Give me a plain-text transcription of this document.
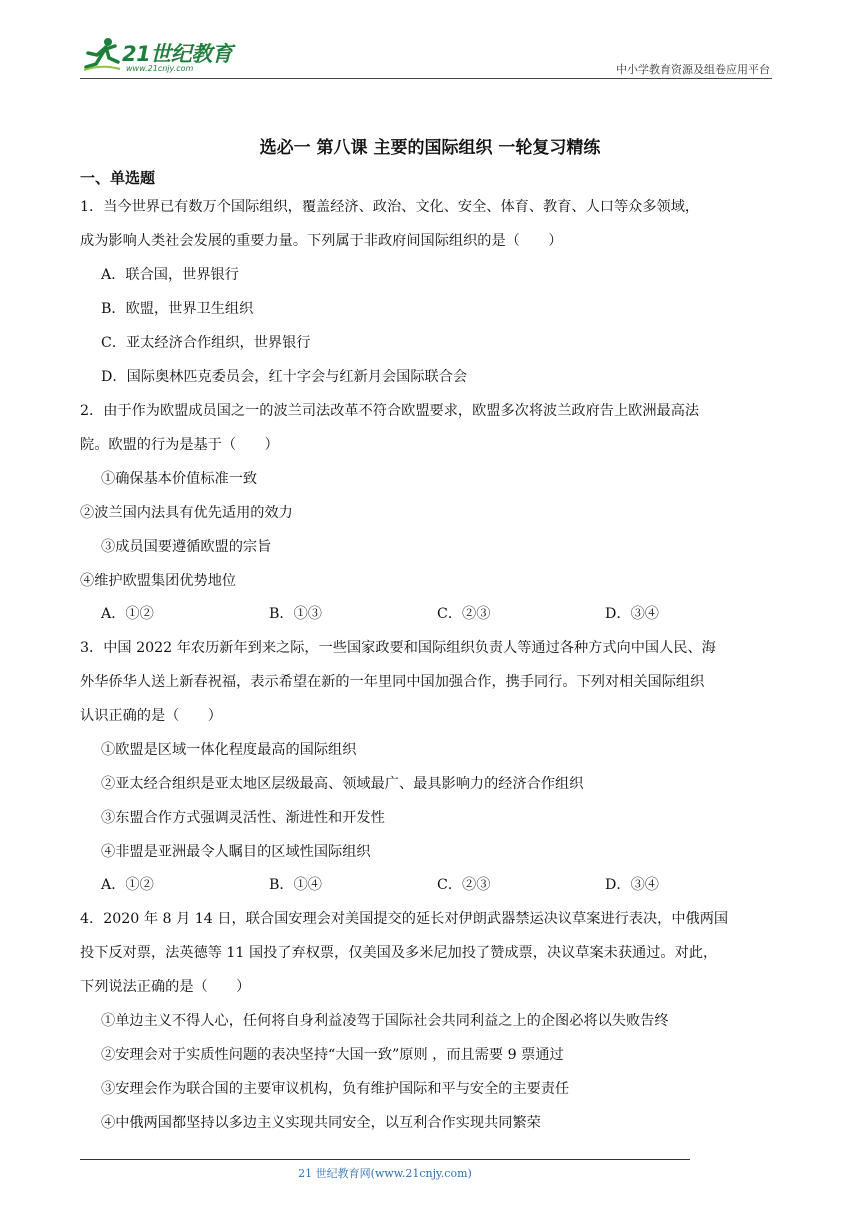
21世纪教育
www.21cnjy.com	中小学教育资源及组卷应用平台
选必一 第八课 主要的国际组织 一轮复习精练
一、单选题
1．当今世界已有数万个国际组织，覆盖经济、政治、文化、安全、体育、教育、人口等众多领域，
成为影响人类社会发展的重要力量。下列属于非政府间国际组织的是（　　）
A．联合国，世界银行
B．欧盟，世界卫生组织
C．亚太经济合作组织，世界银行
D．国际奥林匹克委员会，红十字会与红新月会国际联合会
2．由于作为欧盟成员国之一的波兰司法改革不符合欧盟要求，欧盟多次将波兰政府告上欧洲最高法
院。欧盟的行为是基于（　　）
①确保基本价值标准一致
②波兰国内法具有优先适用的效力
③成员国要遵循欧盟的宗旨
④维护欧盟集团优势地位
A．①②	B．①③	C．②③	D．③④
3．中国 2022 年农历新年到来之际，一些国家政要和国际组织负责人等通过各种方式向中国人民、海
外华侨华人送上新春祝福，表示希望在新的一年里同中国加强合作，携手同行。下列对相关国际组织
认识正确的是（　　）
①欧盟是区域一体化程度最高的国际组织
②亚太经合组织是亚太地区层级最高、领域最广、最具影响力的经济合作组织
③东盟合作方式强调灵活性、渐进性和开发性
④非盟是亚洲最令人瞩目的区域性国际组织
A．①②	B．①④	C．②③	D．③④
4．2020 年 8 月 14 日，联合国安理会对美国提交的延长对伊朗武器禁运决议草案进行表决，中俄两国
投下反对票，法英德等 11 国投了弃权票，仅美国及多米尼加投了赞成票，决议草案未获通过。对此，
下列说法正确的是（　　）
①单边主义不得人心，任何将自身利益凌驾于国际社会共同利益之上的企图必将以失败告终
②安理会对于实质性问题的表决坚持“大国一致”原则 ，而且需要 9 票通过
③安理会作为联合国的主要审议机构，负有维护国际和平与安全的主要责任
④中俄两国都坚持以多边主义实现共同安全，以互利合作实现共同繁荣
21 世纪教育网(www.21cnjy.com)
